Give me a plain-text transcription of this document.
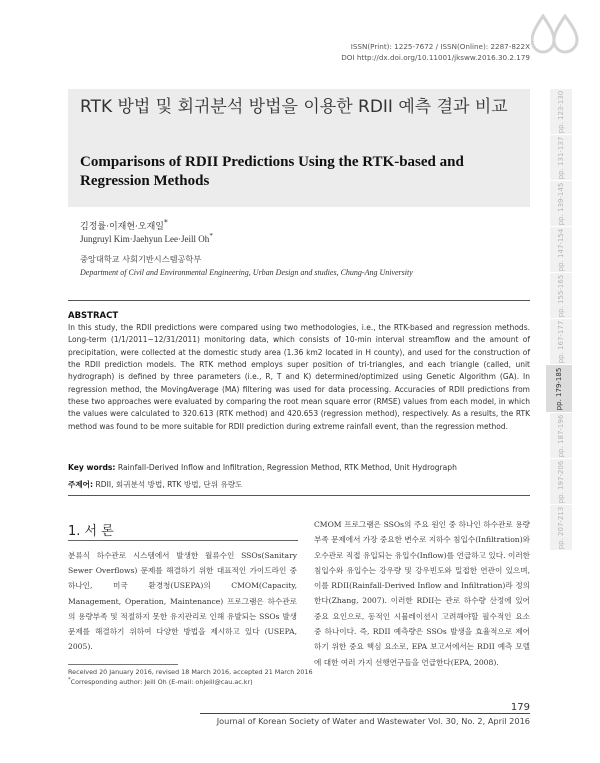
ISSN(Print): 1225-7672 / ISSN(Online): 2287-822X
DOI http://dx.doi.org/10.11001/jksww.2016.30.2.179
RTK 방법 및 회귀분석 방법을 이용한 RDII 예측 결과 비교
Comparisons of RDII Predictions Using the RTK-based and Regression Methods
김정률·이재현·오재일*
Jungruyl Kim·Jaehyun Lee·Jeill Oh*
중앙대학교 사회기반시스템공학부
Department of Civil and Environmental Engineering, Urban Design and studies, Chung-Ang University
ABSTRACT
In this study, the RDII predictions were compared using two methodologies, i.e., the RTK-based and regression methods. Long-term (1/1/2011~12/31/2011) monitoring data, which consists of 10-min interval streamflow and the amount of precipitation, were collected at the domestic study area (1.36 km2 located in H county), and used for the construction of the RDII prediction models. The RTK method employs super position of tri-triangles, and each triangle (called, unit hydrograph) is defined by three parameters (i.e., R, T and K) determined/optimized using Genetic Algorithm (GA). In regression method, the MovingAverage (MA) filtering was used for data processing. Accuracies of RDII predictions from these two approaches were evaluated by comparing the root mean square error (RMSE) values from each model, in which the values were calculated to 320.613 (RTK method) and 420.653 (regression method), respectively. As a results, the RTK method was found to be more suitable for RDII prediction during extreme rainfall event, than the regression method.
Key words: Rainfall-Derived Inflow and Infiltration, Regression Method, RTK Method, Unit Hydrograph
주제어: RDII, 회귀분석 방법, RTK 방법, 단위 유량도
1. 서 론
분류식 하수관로 시스템에서 발생한 월류수인 SSOs(Sanitary Sewer Overflows) 문제를 해결하기 위한 대표적인 가이드라인 중 하나인, 미국 환경청(USEPA)의 CMOM(Capacity, Management, Operation, Maintenance) 프로그램은 하수관로의 용량부족 및 적절하지 못한 유지관리로 인해 유발되는 SSOs 발생 문제를 해결하기 위하여 다양한 방법을 제시하고 있다 (USEPA, 2005).
CMOM 프로그램은 SSOs의 주요 원인 중 하나인 하수관로 용량 부족 문제에서 가장 중요한 변수로 지하수 침입수(Infiltration)와 오수관로 직접 유입되는 유입수(Inflow)를 언급하고 있다. 이러한 침입수와 유입수는 강우량 및 강우빈도와 밀접한 연관이 있으며, 이를 RDII(Rainfall-Derived Inflow and Infiltration)라 정의한다(Zhang, 2007). 이러한 RDII는 관로 하수량 산정에 있어 중요 요인으로, 동적인 시뮬레이션시 고려해야할 필수적인 요소 중 하나이다. 즉, RDII 예측량은 SSOs 발생을 효율적으로 제어하기 위한 중요 핵심 요소로, EPA 보고서에서는 RDII 예측 모델에 대한 여러 가지 선행연구들을 언급한다(EPA, 2008).
Received 20 January 2016, revised 18 March 2016, accepted 21 March 2016
*Corresponding author: Jeill Oh (E-mail: ohjeill@cau.ac.kr)
179
Journal of Korean Society of Water and Wastewater Vol. 30, No. 2, April 2016
pp. 123-130
pp. 131-137
pp. 139-145
pp. 147-154
pp. 155-165
pp. 167-177
pp. 179-185
pp. 187-196
pp. 197-206
pp. 207-213
